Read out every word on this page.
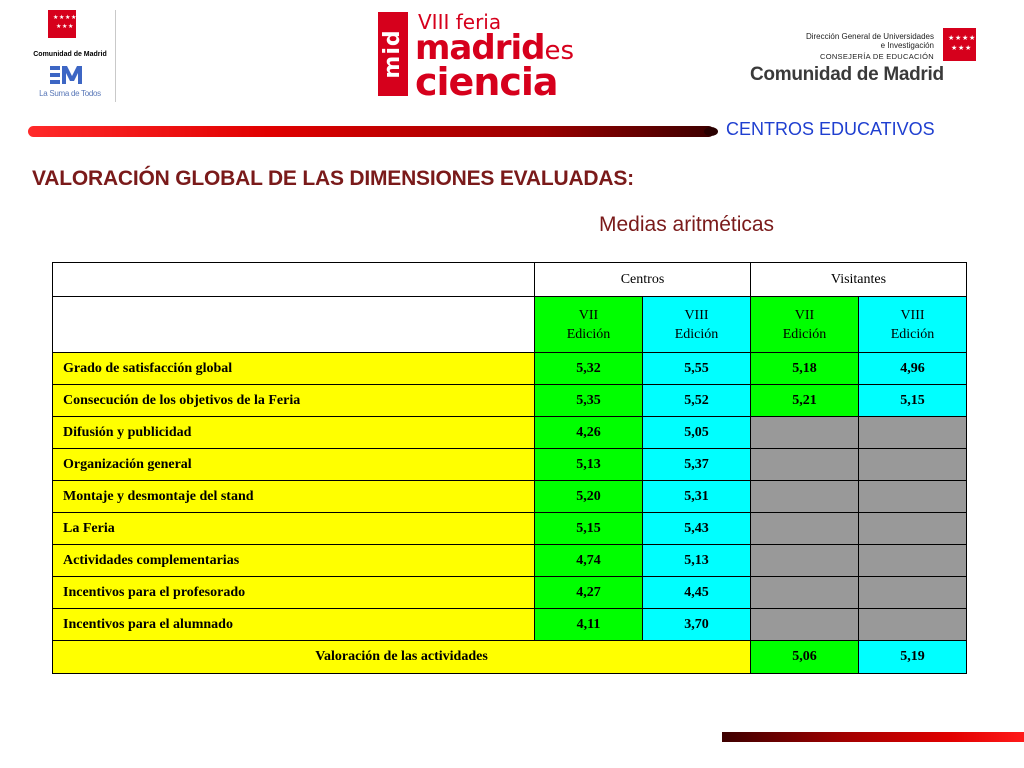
★ ★ ★ ★
★ ★ ★
Comunidad de Madrid
La Suma de Todos
mid
VIII feria
madrides
ciencia
Dirección General de Universidades
e Investigación
CONSEJERÍA DE EDUCACIÓN
Comunidad de Madrid
★ ★ ★ ★
★ ★ ★
CENTROS EDUCATIVOS
VALORACIÓN GLOBAL DE LAS DIMENSIONES EVALUADAS:
Medias aritméticas
	Centros		Visitantes	
	VII
Edición	VIII
Edición	VII
Edición	VIII
Edición
Grado de satisfacción global	5,32	5,55	5,18	4,96
Consecución de los objetivos de la Feria	5,35	5,52	5,21	5,15
Difusión y publicidad	4,26	5,05		
Organización general	5,13	5,37		
Montaje y desmontaje del stand	5,20	5,31		
La Feria	5,15	5,43		
Actividades complementarias	4,74	5,13		
Incentivos para el profesorado	4,27	4,45		
Incentivos para el alumnado	4,11	3,70		
Valoración de las actividades			5,06	5,19
